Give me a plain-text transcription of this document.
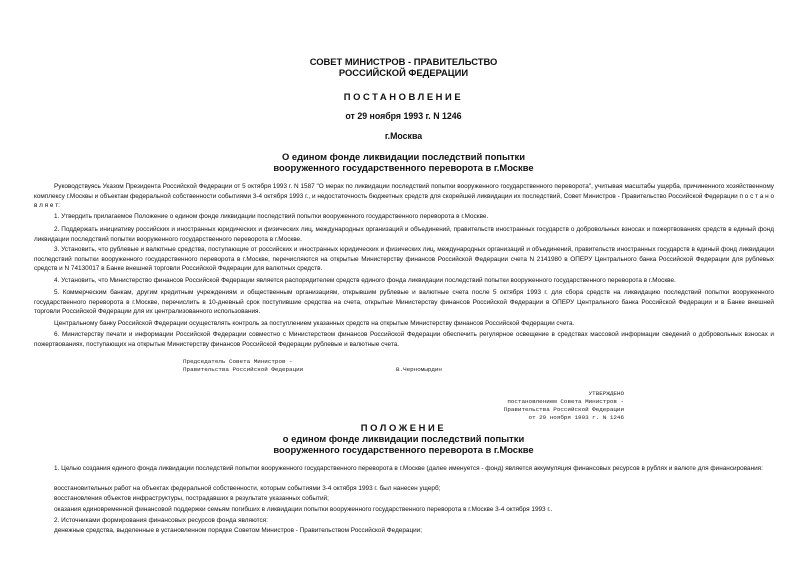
СОВЕТ МИНИСТРОВ - ПРАВИТЕЛЬСТВО
РОССИЙСКОЙ ФЕДЕРАЦИИ
ПОСТАНОВЛЕНИЕ
от 29 ноября 1993 г. N 1246
г.Москва
О едином фонде ликвидации последствий попытки
вооруженного государственного переворота в г.Москве
Руководствуясь Указом Президента Российской Федерации от 5 октября 1993 г. N 1587 "О мерах по ликвидации последствий попытки вооруженного государственного переворота", учитывая масштабы ущерба, причиненного хозяйственному комплексу г.Москвы и объектам федеральной собственности событиями 3-4 октября 1993 г., и недостаточность бюджетных средств для скорейшей ликвидации их последствий, Совет Министров - Правительство Российской Федерации п о с т а н о в л я е т:
1. Утвердить прилагаемое Положение о едином фонде ликвидации последствий попытки вооруженного государственного переворота в г.Москве.
2. Поддержать инициативу российских и иностранных юридических и физических лиц, международных организаций и объединений, правительств иностранных государств о добровольных взносах и пожертвованиях средств в единый фонд ликвидации последствий попытки вооруженного государственного переворота в г.Москве.
3. Установить, что рублевые и валютные средства, поступающие от российских и иностранных юридических и физических лиц, международных организаций и объединений, правительств иностранных государств в единый фонд ликвидации последствий попытки вооруженного государственного переворота в г.Москве, перечисляются на открытые Министерству финансов Российской Федерации счета N 2141980 в ОПЕРУ Центрального банка Российской Федерации для рублевых средств и N 74130017 в Банке внешней торговли Российской Федерации для валютных средств.
4. Установить, что Министерство финансов Российской Федерации является распорядителем средств единого фонда ликвидации последствий попытки вооруженного государственного переворота в г.Москве.
5. Коммерческим банкам, другим кредитным учреждениям и общественным организациям, открывшим рублевые и валютные счета после 5 октября 1993 г. для сбора средств на ликвидацию последствий попытки вооруженного государственного переворота в г.Москве, перечислить в 10-дневный срок поступившие средства на счета, открытые Министерству финансов Российской Федерации в ОПЕРУ Центрального банка Российской Федерации и в Банке внешней торговли Российской Федерации для их централизованного использования.
Центральному банку Российской Федерации осуществлять контроль за поступлением указанных средств на открытые Министерству финансов Российской Федерации счета.
6. Министерству печати и информации Российской Федерации совместно с Министерством финансов Российской Федерации обеспечить регулярное освещение в средствах массовой информации сведений о добровольных взносах и пожертвованиях, поступающих на открытые Министерству финансов Российской Федерации рублевые и валютные счета.
Председатель Совета Министров -
Правительства Российской Федерации	В.Черномырдин
УТВЕРЖДЕНО
постановлением Совета Министров -
Правительства Российской Федерации
от 29 ноября 1993 г. N 1246
ПОЛОЖЕНИЕ
о едином фонде ликвидации последствий попытки
вооруженного государственного переворота в г.Москве
1. Целью создания единого фонда ликвидации последствий попытки вооруженного государственного переворота в г.Москве (далее именуется - фонд) является аккумуляция финансовых ресурсов в рублях и валюте для финансирования:
восстановительных работ на объектах федеральной собственности, которым событиями 3-4 октября 1993 г. был нанесен ущерб;
восстановления объектов инфраструктуры, пострадавших в результате указанных событий;
оказания единовременной финансовой поддержки семьям погибших в ликвидации попытки вооруженного государственного переворота в г.Москве 3-4 октября 1993 г..
2. Источниками формирования финансовых ресурсов фонда являются:
денежные средства, выделенные в установленном порядке Советом Министров - Правительством Российской Федерации;
